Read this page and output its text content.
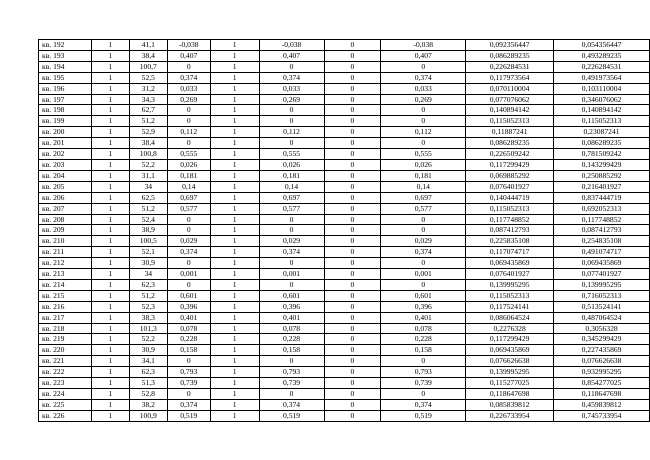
кв. 192	1	41,1	-0,038	1	-0,038	0	-0,038	0,092356447	0,054356447
кв. 193	1	38,4	0,407	1	0,407	0	0,407	0,086289235	0,493289235
кв. 194	1	100,7	0	1	0	0	0	0,226284531	0,226284531
кв. 195	1	52,5	0,374	1	0,374	0	0,374	0,117973564	0,491973564
кв. 196	1	31,2	0,033	1	0,033	0	0,033	0,070110004	0,103110004
кв. 197	1	34,3	0,269	1	0,269	0	0,269	0,077076062	0,346076062
кв. 198	1	62,7	0	1	0	0	0	0,140894142	0,140894142
кв. 199	1	51,2	0	1	0	0	0	0,115052313	0,115052313
кв. 200	1	52,9	0,112	1	0,112	0	0,112	0,11887241	0,23087241
кв. 201	1	38,4	0	1	0	0	0	0,086289235	0,086289235
кв. 202	1	100,8	0,555	1	0,555	0	0,555	0,226509242	0,781509242
кв. 203	1	52,2	0,026	1	0,026	0	0,026	0,117299429	0,143299429
кв. 204	1	31,1	0,181	1	0,181	0	0,181	0,069885292	0,250885292
кв. 205	1	34	0,14	1	0,14	0	0,14	0,076401927	0,216401927
кв. 206	1	62,5	0,697	1	0,697	0	0,697	0,140444719	0,837444719
кв. 207	1	51,2	0,577	1	0,577	0	0,577	0,115052313	0,692052313
кв. 208	1	52,4	0	1	0	0	0	0,117748852	0,117748852
кв. 209	1	38,9	0	1	0	0	0	0,087412793	0,087412793
кв. 210	1	100,5	0,029	1	0,029	0	0,029	0,225835108	0,254835108
кв. 211	1	52,1	0,374	1	0,374	0	0,374	0,117074717	0,491074717
кв. 212	1	30,9	0	1	0	0	0	0,069435869	0,069435869
кв. 213	1	34	0,001	1	0,001	0	0,001	0,076401927	0,077401927
кв. 214	1	62,3	0	1	0	0	0	0,139995295	0,139995295
кв. 215	1	51,2	0,601	1	0,601	0	0,601	0,115052313	0,716052313
кв. 216	1	52,3	0,396	1	0,396	0	0,396	0,117524141	0,513524141
кв. 217	1	38,3	0,401	1	0,401	0	0,401	0,086064524	0,487064524
кв. 218	1	101,3	0,078	1	0,078	0	0,078	0,2276328	0,3056328
кв. 219	1	52,2	0,228	1	0,228	0	0,228	0,117299429	0,345299429
кв. 220	1	30,9	0,158	1	0,158	0	0,158	0,069435869	0,227435869
кв. 221	1	34,1	0	1	0	0	0	0,076626638	0,076626638
кв. 222	1	62,3	0,793	1	0,793	0	0,793	0,139995295	0,932995295
кв. 223	1	51,3	0,739	1	0,739	0	0,739	0,115277025	0,854277025
кв. 224	1	52,8	0	1	0	0	0	0,118647698	0,118647698
кв. 225	1	38,2	0,374	1	0,374	0	0,374	0,085839812	0,459839812
кв. 226	1	100,9	0,519	1	0,519	0	0,519	0,226733954	0,745733954
